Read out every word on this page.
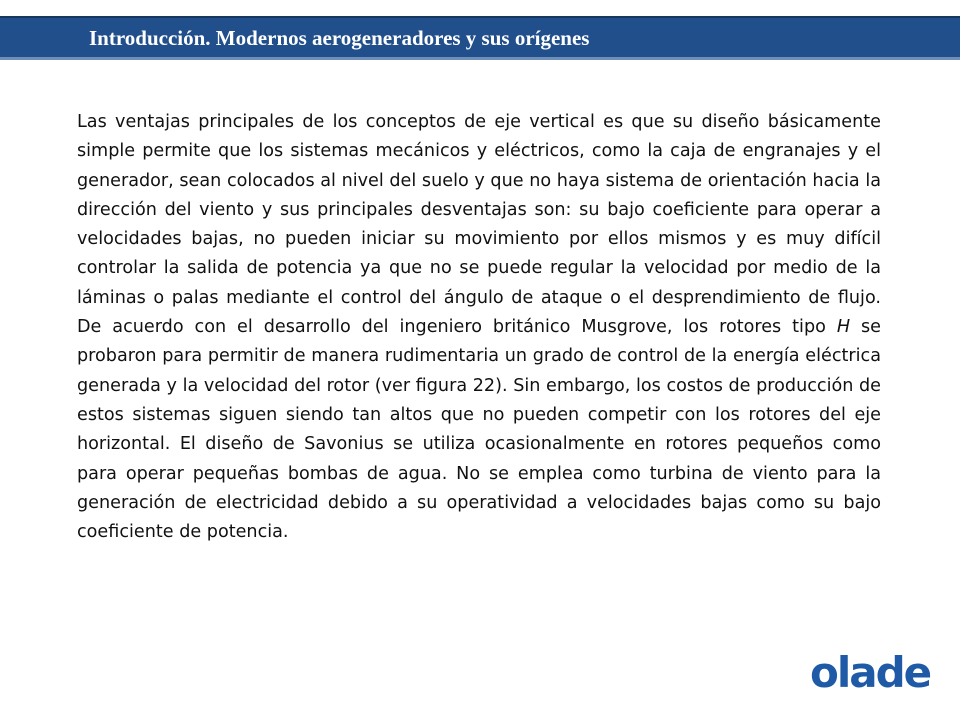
Introducción. Modernos aerogeneradores y sus orígenes

Las ventajas principales de los conceptos de eje vertical es que su diseño básicamente simple permite que los sistemas mecánicos y eléctricos, como la caja de engranajes y el generador, sean colocados al nivel del suelo y que no haya sistema de orientación hacia la dirección del viento y sus principales desventajas son: su bajo coeficiente para operar a velocidades bajas, no pueden iniciar su movimiento por ellos mismos y es muy difícil controlar la salida de potencia ya que no se puede regular la velocidad por medio de la láminas o palas mediante el control del ángulo de ataque o el desprendimiento de flujo. De acuerdo con el desarrollo del ingeniero británico Musgrove, los rotores tipo H se probaron para permitir de manera rudimentaria un grado de control de la energía eléctrica generada y la velocidad del rotor (ver figura 22). Sin embargo, los costos de producción de estos sistemas siguen siendo tan altos que no pueden competir con los rotores del eje horizontal. El diseño de Savonius se utiliza ocasionalmente en rotores pequeños como para operar pequeñas bombas de agua. No se emplea como turbina de viento para la generación de electricidad debido a su operatividad a velocidades bajas como su bajo coeficiente de potencia.

olade
